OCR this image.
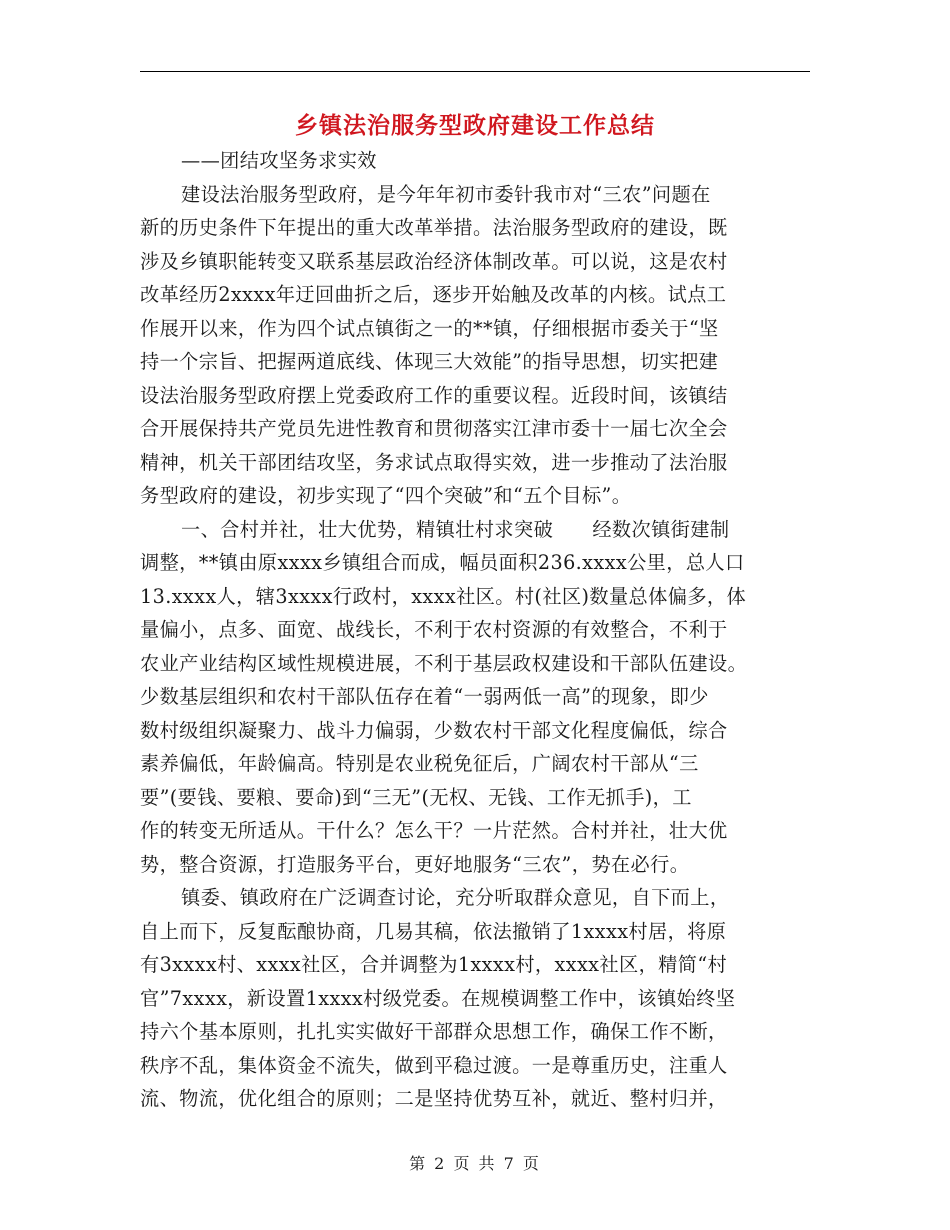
乡镇法治服务型政府建设工作总结
——团结攻坚务求实效
建设法治服务型政府，是今年年初市委针我市对“三农”问题在
新的历史条件下年提出的重大改革举措。法治服务型政府的建设，既
涉及乡镇职能转变又联系基层政治经济体制改革。可以说，这是农村
改革经历2xxxx年迂回曲折之后，逐步开始触及改革的内核。试点工
作展开以来，作为四个试点镇街之一的**镇，仔细根据市委关于“坚
持一个宗旨、把握两道底线、体现三大效能”的指导思想，切实把建
设法治服务型政府摆上党委政府工作的重要议程。近段时间，该镇结
合开展保持共产党员先进性教育和贯彻落实江津市委十一届七次全会
精神，机关干部团结攻坚，务求试点取得实效，进一步推动了法治服
务型政府的建设，初步实现了“四个突破”和“五个目标”。
一、合村并社，壮大优势，精镇壮村求突破　　经数次镇街建制
调整，**镇由原xxxx乡镇组合而成，幅员面积236.xxxx公里，总人口
13.xxxx人，辖3xxxx行政村，xxxx社区。村(社区)数量总体偏多，体
量偏小，点多、面宽、战线长，不利于农村资源的有效整合，不利于
农业产业结构区域性规模进展，不利于基层政权建设和干部队伍建设。
少数基层组织和农村干部队伍存在着“一弱两低一高”的现象，即少
数村级组织凝聚力、战斗力偏弱，少数农村干部文化程度偏低，综合
素养偏低，年龄偏高。特别是农业税免征后，广阔农村干部从“三
要”(要钱、要粮、要命)到“三无”(无权、无钱、工作无抓手)，工
作的转变无所适从。干什么？怎么干？一片茫然。合村并社，壮大优
势，整合资源，打造服务平台，更好地服务“三农”，势在必行。
镇委、镇政府在广泛调查讨论，充分听取群众意见，自下而上，
自上而下，反复酝酿协商，几易其稿，依法撤销了1xxxx村居，将原
有3xxxx村、xxxx社区，合并调整为1xxxx村，xxxx社区，精简“村
官”7xxxx，新设置1xxxx村级党委。在规模调整工作中，该镇始终坚
持六个基本原则，扎扎实实做好干部群众思想工作，确保工作不断，
秩序不乱，集体资金不流失，做到平稳过渡。一是尊重历史，注重人
流、物流，优化组合的原则；二是坚持优势互补，就近、整村归并，
第 2 页 共 7 页
